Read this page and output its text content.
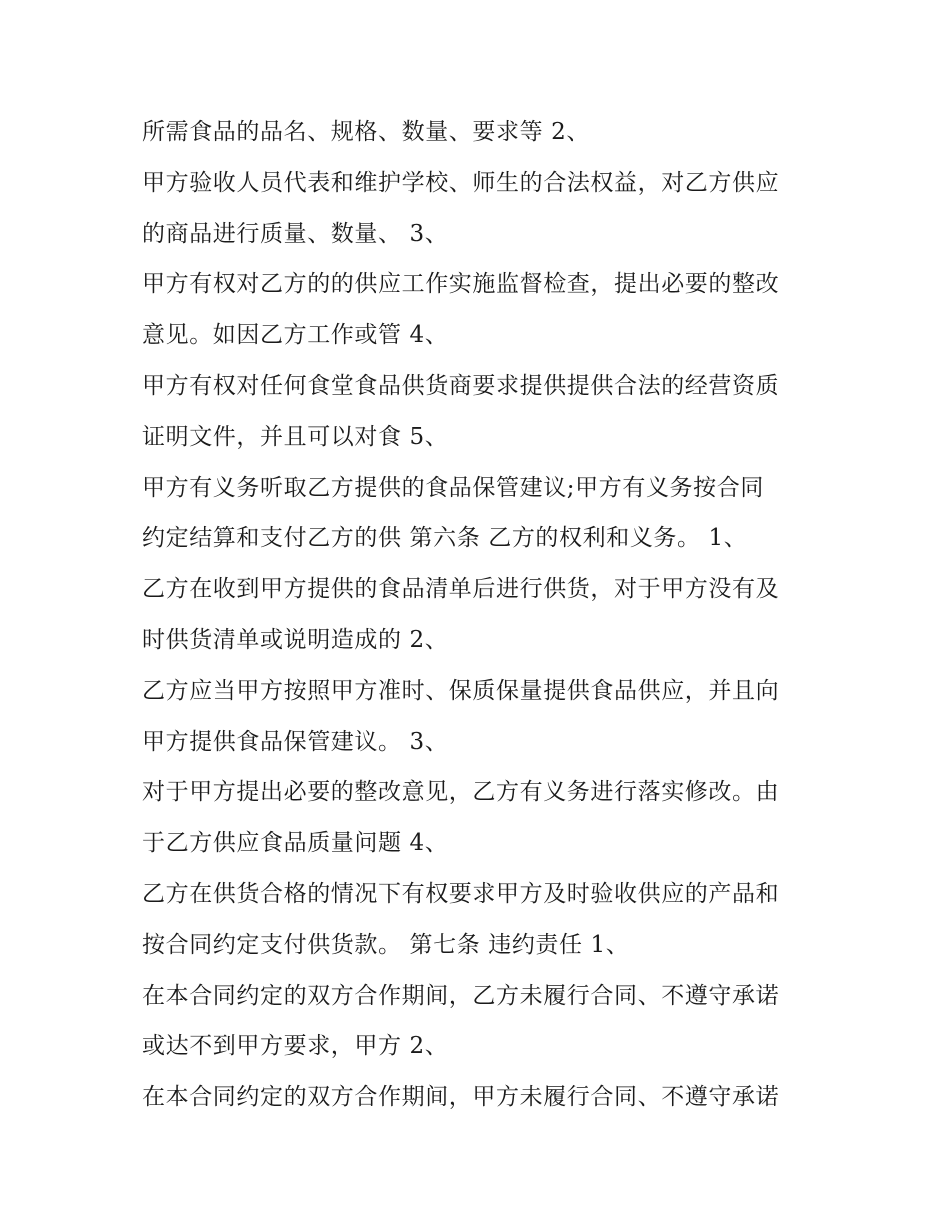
所需食品的品名、规格、数量、要求等 2、
甲方验收人员代表和维护学校、师生的合法权益，对乙方供应
的商品进行质量、数量、 3、
甲方有权对乙方的的供应工作实施监督检查，提出必要的整改
意见。如因乙方工作或管 4、
甲方有权对任何食堂食品供货商要求提供提供合法的经营资质
证明文件，并且可以对食 5、
甲方有义务听取乙方提供的食品保管建议;甲方有义务按合同
约定结算和支付乙方的供 第六条 乙方的权利和义务。 1、
乙方在收到甲方提供的食品清单后进行供货，对于甲方没有及
时供货清单或说明造成的 2、
乙方应当甲方按照甲方准时、保质保量提供食品供应，并且向
甲方提供食品保管建议。 3、
对于甲方提出必要的整改意见，乙方有义务进行落实修改。由
于乙方供应食品质量问题 4、
乙方在供货合格的情况下有权要求甲方及时验收供应的产品和
按合同约定支付供货款。 第七条 违约责任 1、
在本合同约定的双方合作期间，乙方未履行合同、不遵守承诺
或达不到甲方要求，甲方 2、
在本合同约定的双方合作期间，甲方未履行合同、不遵守承诺
